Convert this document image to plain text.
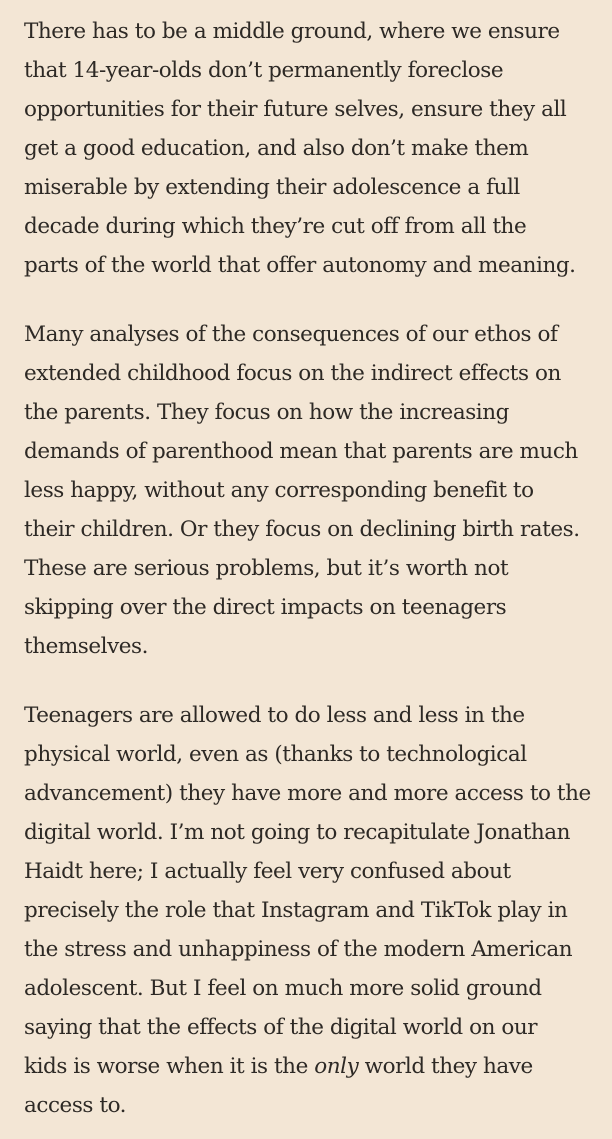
There has to be a middle ground, where we ensure
that 14-year-olds don’t permanently foreclose
opportunities for their future selves, ensure they all
get a good education, and also don’t make them
miserable by extending their adolescence a full
decade during which they’re cut off from all the
parts of the world that offer autonomy and meaning.

Many analyses of the consequences of our ethos of
extended childhood focus on the indirect effects on
the parents. They focus on how the increasing
demands of parenthood mean that parents are much
less happy, without any corresponding benefit to
their children. Or they focus on declining birth rates.
These are serious problems, but it’s worth not
skipping over the direct impacts on teenagers
themselves.

Teenagers are allowed to do less and less in the
physical world, even as (thanks to technological
advancement) they have more and more access to the
digital world. I’m not going to recapitulate Jonathan
Haidt here; I actually feel very confused about
precisely the role that Instagram and TikTok play in
the stress and unhappiness of the modern American
adolescent. But I feel on much more solid ground
saying that the effects of the digital world on our
kids is worse when it is the only world they have
access to.
